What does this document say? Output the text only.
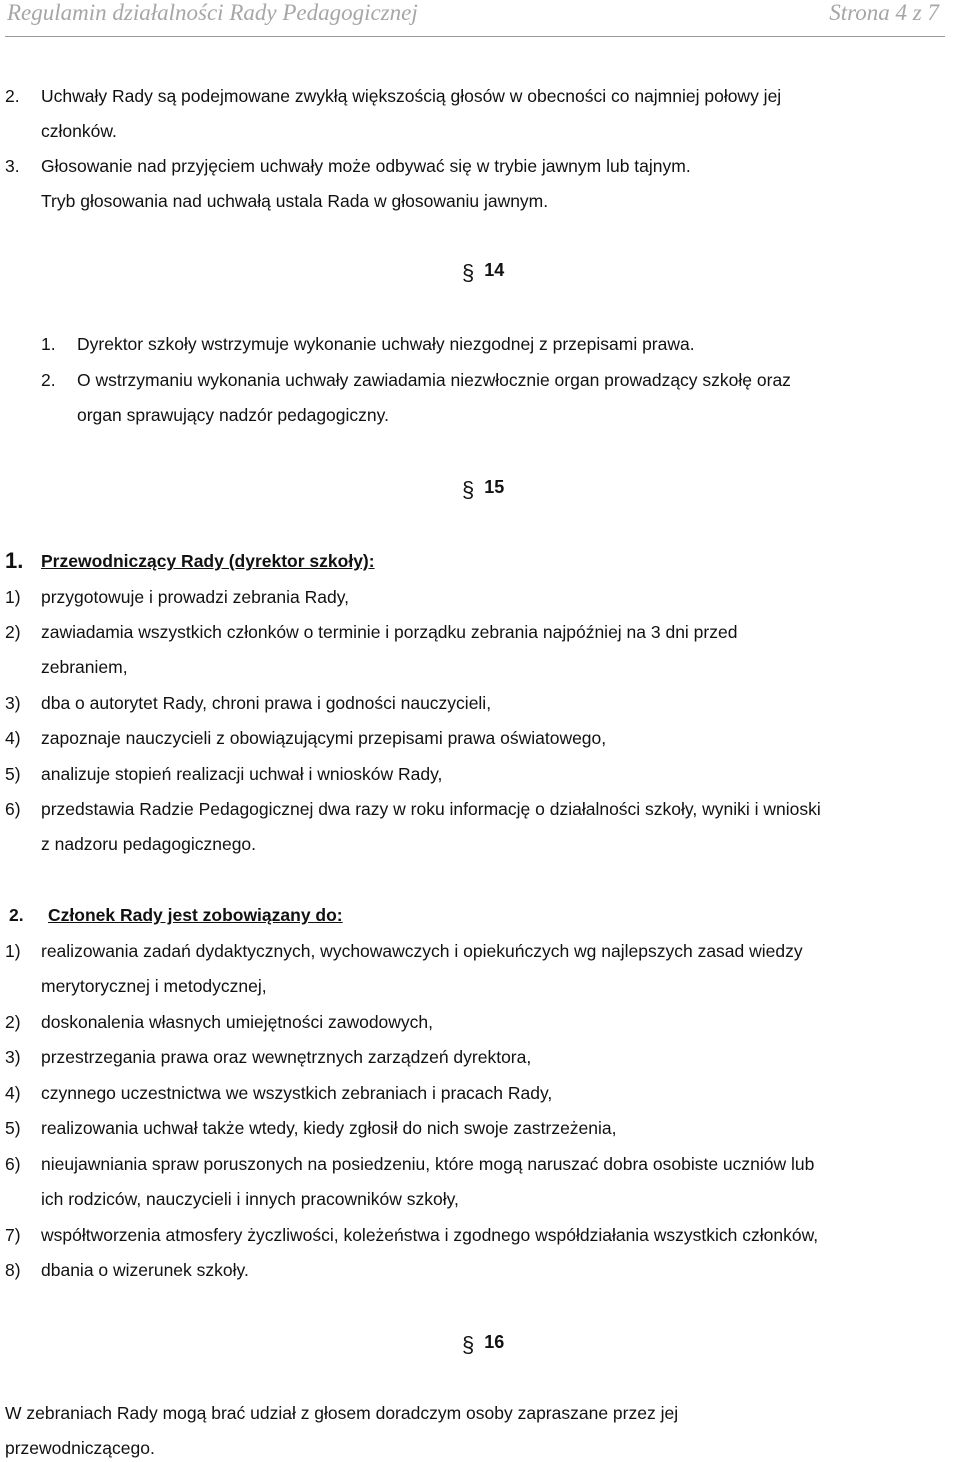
Regulamin działalności Rady Pedagogicznej	Strona 4 z 7
2. Uchwały Rady są podejmowane zwykłą większością głosów w obecności co najmniej połowy jej
członków.
3. Głosowanie nad przyjęciem uchwały może odbywać się w trybie jawnym lub tajnym.
Tryb głosowania nad uchwałą ustala Rada w głosowaniu jawnym.
§ 14
1. Dyrektor szkoły wstrzymuje wykonanie uchwały niezgodnej z przepisami prawa.
2. O wstrzymaniu wykonania uchwały zawiadamia niezwłocznie organ prowadzący szkołę oraz
organ sprawujący nadzór pedagogiczny.
§ 15
1. Przewodniczący Rady (dyrektor szkoły):
1) przygotowuje i prowadzi zebrania Rady,
2) zawiadamia wszystkich członków o terminie i porządku zebrania najpóźniej na 3 dni przed
zebraniem,
3) dba o autorytet Rady, chroni prawa i godności nauczycieli,
4) zapoznaje nauczycieli z obowiązującymi przepisami prawa oświatowego,
5) analizuje stopień realizacji uchwał i wniosków Rady,
6) przedstawia Radzie Pedagogicznej dwa razy w roku informację o działalności szkoły, wyniki i wnioski
z nadzoru pedagogicznego.
2. Członek Rady jest zobowiązany do:
1) realizowania zadań dydaktycznych, wychowawczych i opiekuńczych wg najlepszych zasad wiedzy
merytorycznej i metodycznej,
2) doskonalenia własnych umiejętności zawodowych,
3) przestrzegania prawa oraz wewnętrznych zarządzeń dyrektora,
4) czynnego uczestnictwa we wszystkich zebraniach i pracach Rady,
5) realizowania uchwał także wtedy, kiedy zgłosił do nich swoje zastrzeżenia,
6) nieujawniania spraw poruszonych na posiedzeniu, które mogą naruszać dobra osobiste uczniów lub
ich rodziców, nauczycieli i innych pracowników szkoły,
7) współtworzenia atmosfery życzliwości, koleżeństwa i zgodnego współdziałania wszystkich członków,
8) dbania o wizerunek szkoły.
§ 16
W zebraniach Rady mogą brać udział z głosem doradczym osoby zapraszane przez jej
przewodniczącego.
